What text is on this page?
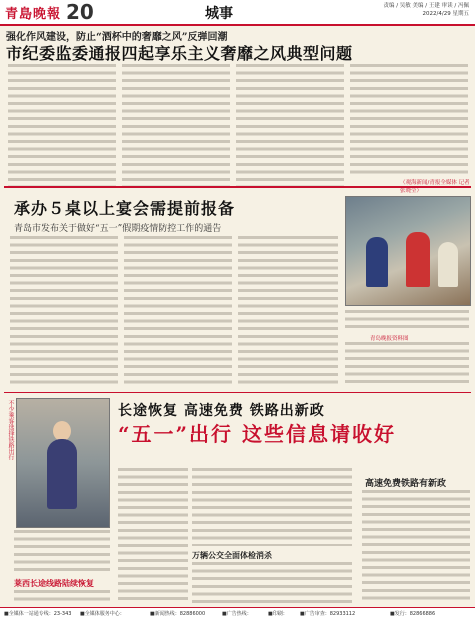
青島晚報 20	城事	责编 / 吴敏 美编 / 王建 审读 / 冯佩
2022/4/29 星期五
强化作风建设，防止“酒杯中的奢靡之风”反弹回潮
市纪委监委通报四起享乐主义奢靡之风典型问题
（观海新闻/青报全媒体 记者 张晓莹）
承办５桌以上宴会需提前报备
青岛市发布关于做好“五一”假期疫情防控工作的通告
青岛晚报资料图
不少乘客选择铁路出行
莱西长途线路陆续恢复
长途恢复 高速免费 铁路出新政
“五一”出行 这些信息请收好
万辆公交全面体检消杀
高速免费铁路有新政
■全媒体一站通专线：23-343 ■全媒体服务中心：	■新闻热线：82886000	■广告热线：	■印刷： ■广告审查：82933112	■发行：82866886
